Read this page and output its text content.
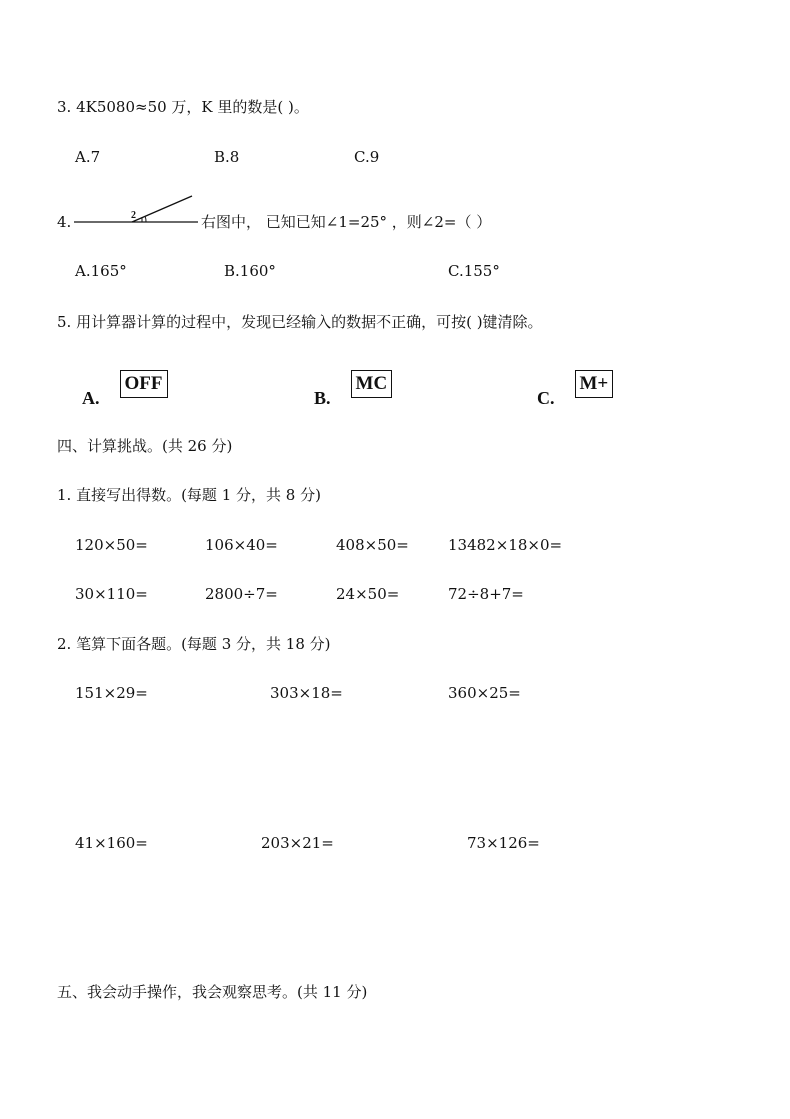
3. 4K5080≈50 万，K 里的数是( )。
A.7	B.8	C.9
4.	2	右图中， 已知已知∠1=25° ，则∠2=（ ）
A.165°	B.160°	C.155°
5. 用计算器计算的过程中，发现已经输入的数据不正确，可按( )键清除。
A.
OFF
B.
MC
C.
M+
四、计算挑战。(共 26 分)
1. 直接写出得数。(每题 1 分，共 8 分)
120×50=	106×40=	408×50=	13482×18×0=
30×110=	2800÷7=	24×50=	72÷8+7=
2. 笔算下面各题。(每题 3 分，共 18 分)
151×29=	303×18=	360×25=
41×160=	203×21=	73×126=
五、我会动手操作，我会观察思考。(共 11 分)
